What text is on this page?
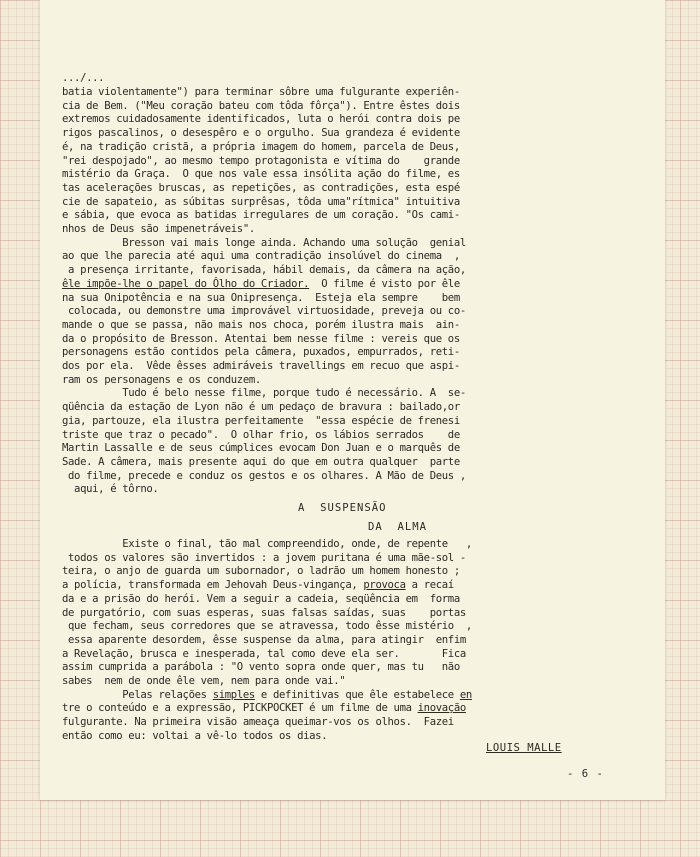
.../...
batia violentamente") para terminar sôbre uma fulgurante experiên-
cia de Bem. ("Meu coração bateu com tôda fôrça"). Entre êstes dois
extremos cuidadosamente identificados, luta o herói contra dois pe
rigos pascalinos, o desespêro e o orgulho. Sua grandeza é evidente
é, na tradição cristã, a própria imagem do homem, parcela de Deus,
"rei despojado", ao mesmo tempo protagonista e vítima do    grande
mistério da Graça.  O que nos vale essa insólita ação do filme, es
tas acelerações bruscas, as repetições, as contradições, esta espé
cie de sapateio, as súbitas surprêsas, tôda uma"rítmica" intuitiva
e sábia, que evoca as batidas irregulares de um coração. "Os cami-
nhos de Deus são impenetráveis".
Bresson vai mais longe ainda. Achando uma solução  genial
ao que lhe parecia até aqui uma contradição insolúvel do cinema  ,
a presença irritante, favorisada, hábil demais, da câmera na ação,
êle impõe-lhe o papel do Ôlho do Criador.  O filme é visto por êle
na sua Onipotência e na sua Onipresença.  Esteja ela sempre    bem
colocada, ou demonstre uma improvável virtuosidade, preveja ou co-
mande o que se passa, não mais nos choca, porém ilustra mais  ain-
da o propósito de Bresson. Atentai bem nesse filme : vereis que os
personagens estão contidos pela câmera, puxados, empurrados, reti-
dos por ela.  Vêde êsses admiráveis travellings em recuo que aspi-
ram os personagens e os conduzem.
Tudo é belo nesse filme, porque tudo é necessário. A  se-
qüência da estação de Lyon não é um pedaço de bravura : bailado,or
gia, partouze, ela ilustra perfeitamente  "essa espécie de frenesi
triste que traz o pecado".  O olhar frio, os lábios serrados    de
Martin Lassalle e de seus cúmplices evocam Don Juan e o marquês de
Sade. A câmera, mais presente aqui do que em outra qualquer  parte
do filme, precede e conduz os gestos e os olhares. A Mão de Deus ,
aqui, é tôrno.
A  SUSPENSÃO
DA  ALMA
Existe o final, tão mal compreendido, onde, de repente   ,
todos os valores são invertidos : a jovem puritana é uma mãe-sol -
teira, o anjo de guarda um subornador, o ladrão um homem honesto ;
a polícia, transformada em Jehovah Deus-vingança, provoca a recaí
da e a prisão do herói. Vem a seguir a cadeia, seqüência em  forma
de purgatório, com suas esperas, suas falsas saídas, suas    portas
que fecham, seus corredores que se atravessa, todo êsse mistério  ,
essa aparente desordem, êsse suspense da alma, para atingir  enfim
a Revelação, brusca e inesperada, tal como deve ela ser.       Fica
assim cumprida a parábola : "O vento sopra onde quer, mas tu   não
sabes  nem de onde êle vem, nem para onde vai."
Pelas relações simples e definitivas que êle estabelece en
tre o conteúdo e a expressão, PICKPOCKET é um filme de uma inovação
fulgurante. Na primeira visão ameaça queimar-vos os olhos.  Fazei
então como eu: voltai a vê-lo todos os dias.
LOUIS MALLE
- 6 -
